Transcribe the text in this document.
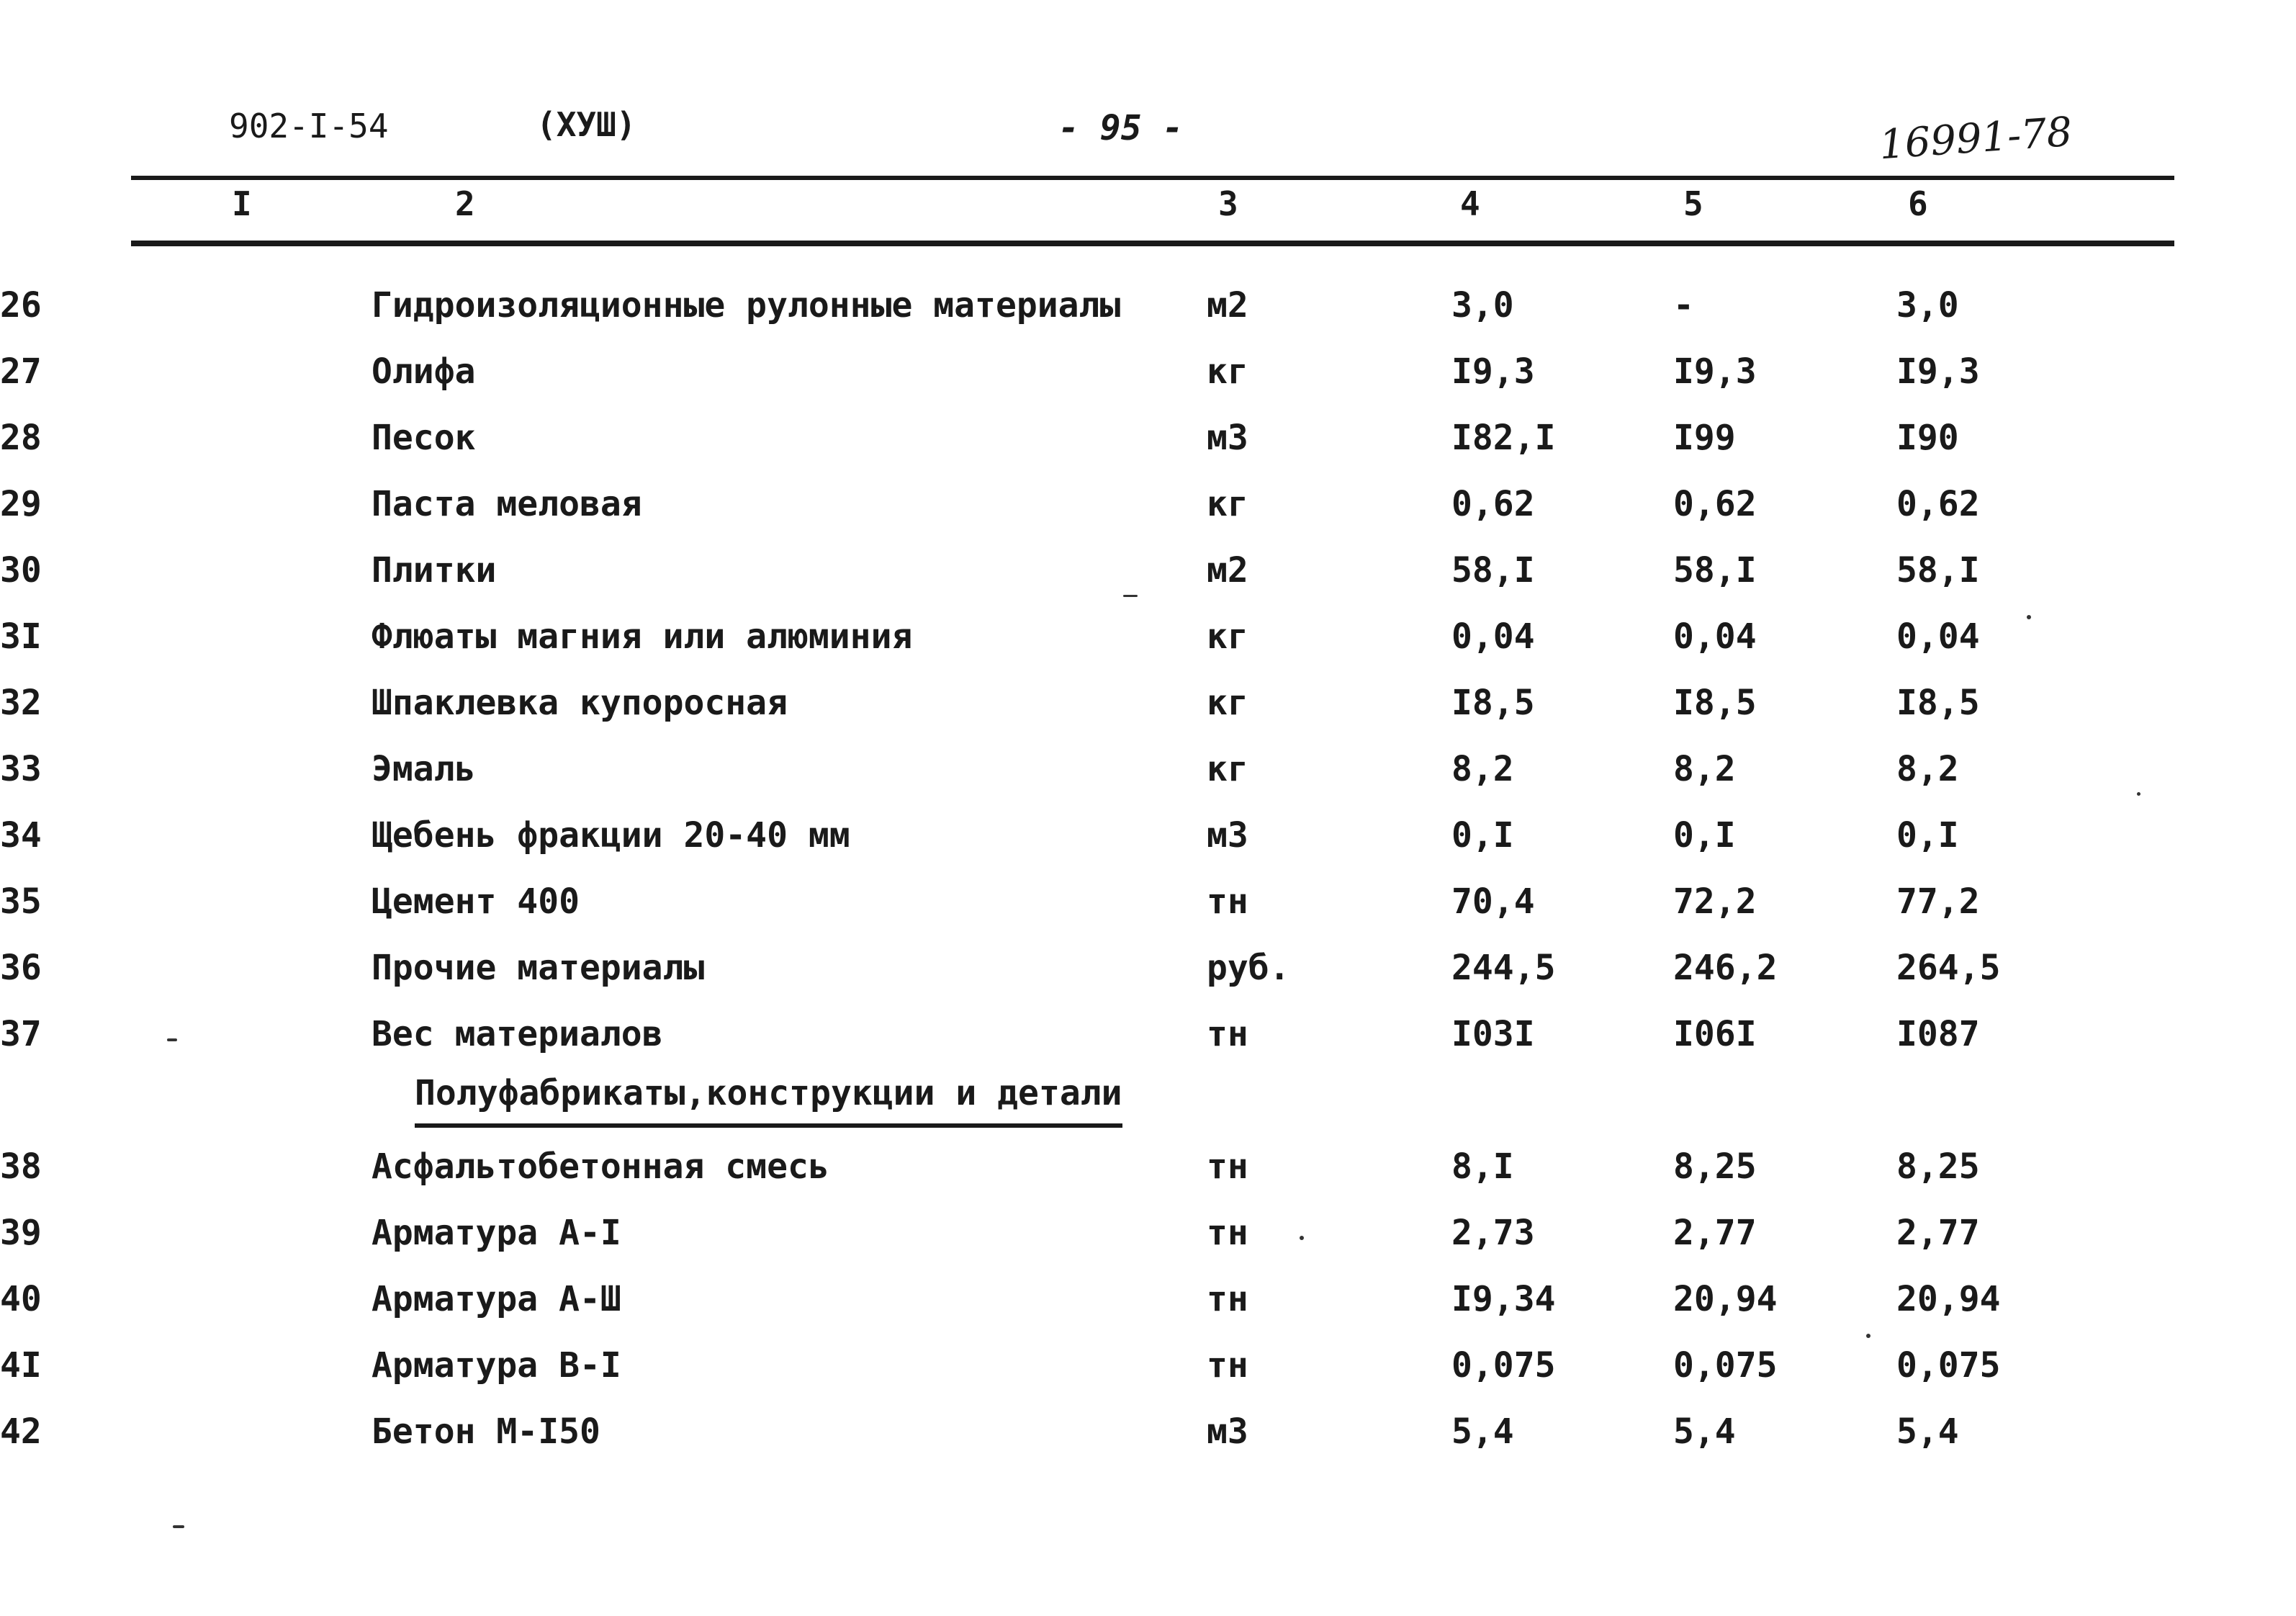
902-I-54	(ХУШ)	- 95 -	16991-78
I	2	3	4	5	6
26	Гидроизоляционные рулонные материалы	м2	3,0	-	3,0
27	Олифа	кг	I9,3	I9,3	I9,3
28	Песок	м3	I82,I	I99	I90
29	Паста меловая	кг	0,62	0,62	0,62
30	Плитки	м2	58,I	58,I	58,I
3I	Флюаты магния или алюминия	кг	0,04	0,04	0,04
32	Шпаклевка купоросная	кг	I8,5	I8,5	I8,5
33	Эмаль	кг	8,2	8,2	8,2
34	Щебень фракции 20-40 мм	м3	0,I	0,I	0,I
35	Цемент 400	тн	70,4	72,2	77,2
36	Прочие материалы	руб.	244,5	246,2	264,5
37	Вес материалов	тн	I03I	I06I	I087
	Полуфабрикаты,конструкции и детали				
38	Асфальтобетонная смесь	тн	8,I	8,25	8,25
39	Арматура А-I	тн	2,73	2,77	2,77
40	Арматура А-Ш	тн	I9,34	20,94	20,94
4I	Арматура В-I	тн	0,075	0,075	0,075
42	Бетон М-I50	м3	5,4	5,4	5,4
